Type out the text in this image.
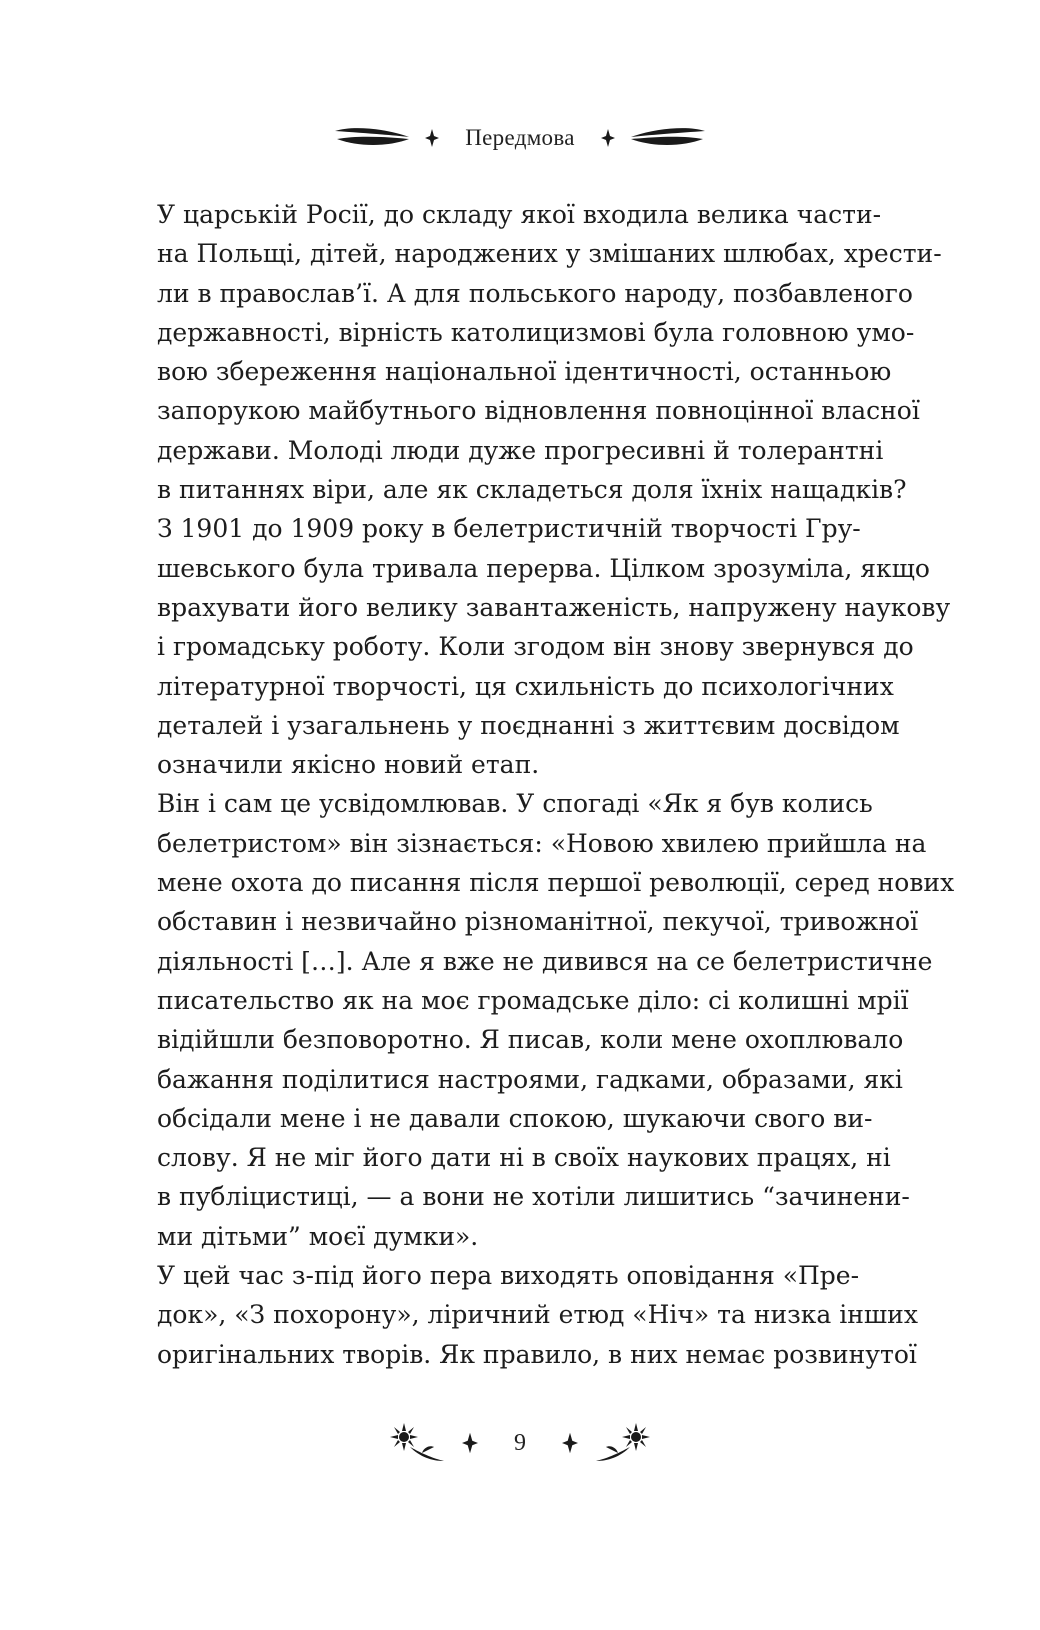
Передмова

У царській Росії, до складу якої входила велика части-
на Польщі, дітей, народжених у змішаних шлюбах, хрести-
ли в православ’ї. А для польського народу, позбавленого
державності, вірність католицизмові була головною умо-
вою збереження національної ідентичності, останньою
запорукою майбутнього відновлення повноцінної власної
держави. Молоді люди дуже прогресивні й толерантні
в питаннях віри, але як складеться доля їхніх нащадків?

З 1901 до 1909 року в белетристичній творчості Гру-
шевського була тривала перерва. Цілком зрозуміла, якщо
врахувати його велику завантаженість, напружену наукову
і громадську роботу. Коли згодом він знову звернувся до
літературної творчості, ця схильність до психологічних
деталей і узагальнень у поєднанні з життєвим досвідом
означили якісно новий етап.

Він і сам це усвідомлював. У спогаді «Як я був колись
белетристом» він зізнається: «Новою хвилею прийшла на
мене охота до писання після першої революції, серед нових
обставин і незвичайно різноманітної, пекучої, тривожної
діяльності […]. Але я вже не дивився на се белетристичне
писательство як на моє громадське діло: сі колишні мрії
відійшли безповоротно. Я писав, коли мене охоплювало
бажання поділитися настроями, гадками, образами, які
обсідали мене і не давали спокою, шукаючи свого ви-
слову. Я не міг його дати ні в своїх наукових працях, ні
в публіцистиці, — а вони не хотіли лишитись “зачинени-
ми дітьми” моєї думки».

У цей час з-під його пера виходять оповідання «Пре-
док», «З похорону», ліричний етюд «Ніч» та низка інших
оригінальних творів. Як правило, в них немає розвинутої

9
